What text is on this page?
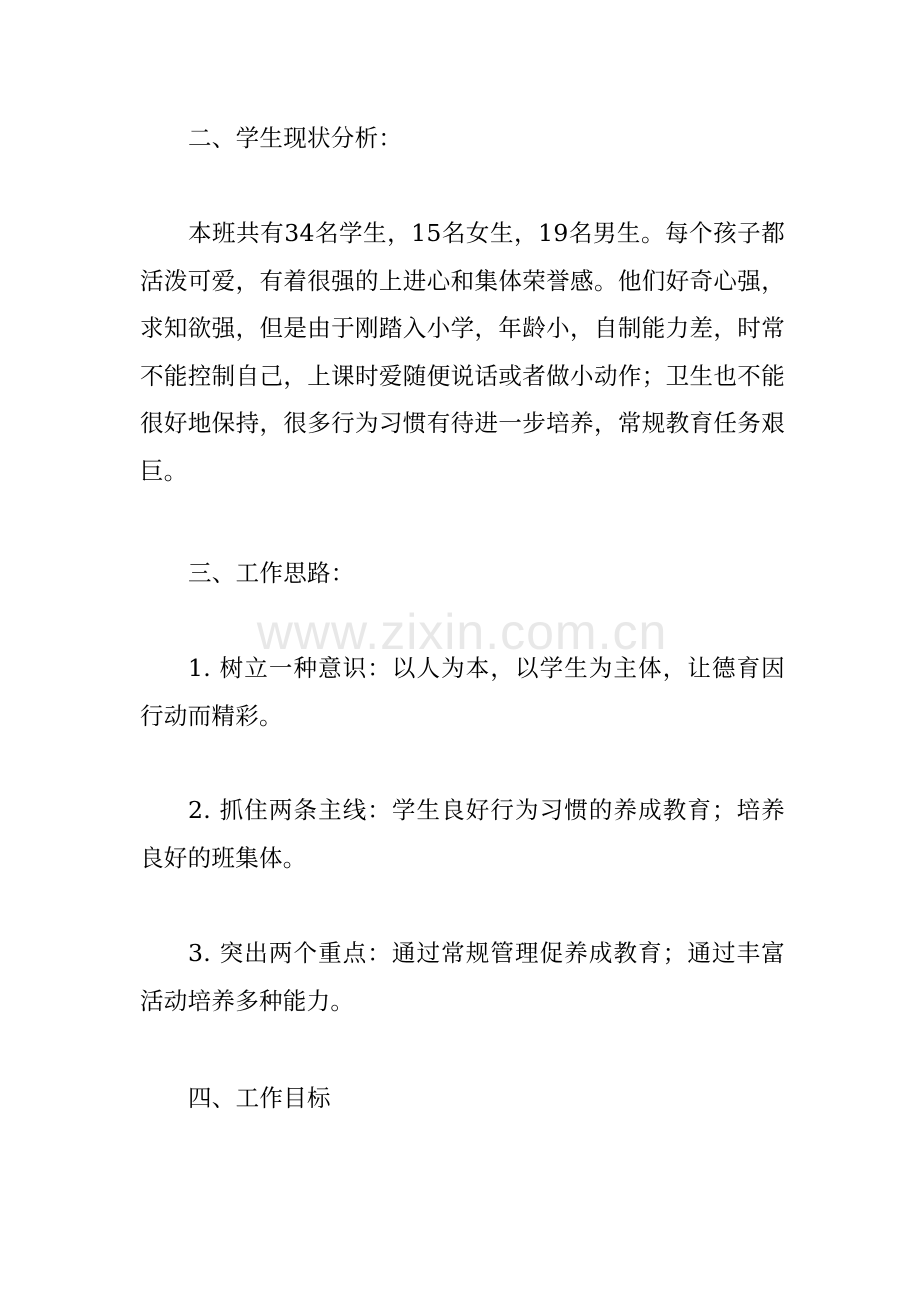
www.zixin.com.cn

二、学生现状分析：

本班共有34名学生，15名女生，19名男生。每个孩子都活泼可爱，有着很强的上进心和集体荣誉感。他们好奇心强，求知欲强，但是由于刚踏入小学，年龄小，自制能力差，时常不能控制自己，上课时爱随便说话或者做小动作；卫生也不能很好地保持，很多行为习惯有待进一步培养，常规教育任务艰巨。

三、工作思路：

1. 树立一种意识：以人为本，以学生为主体，让德育因行动而精彩。

2. 抓住两条主线：学生良好行为习惯的养成教育；培养良好的班集体。

3. 突出两个重点：通过常规管理促养成教育；通过丰富活动培养多种能力。

四、工作目标
